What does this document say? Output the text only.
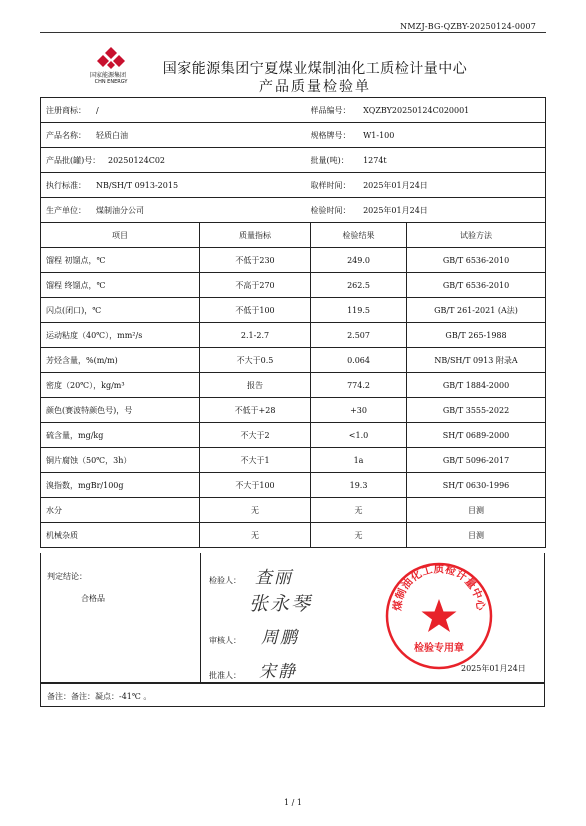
NMZJ-BG-QZBY-20250124-0007
国家能源集团
CHN ENERGY
国家能源集团宁夏煤业煤制油化工质检计量中心
产品质量检验单
注册商标： /		样品编号： XQZBY20250124C020001	
产品名称： 轻质白油		规格牌号： W1-100	
产品批(罐)号： 20250124C02		批量(吨)： 1274t	
执行标准： NB/SH/T 0913-2015		取样时间： 2025年01月24日	
生产单位： 煤制油分公司		检验时间： 2025年01月24日	
项目	质量指标	检验结果	试验方法
馏程 初馏点，℃	不低于230	249.0	GB/T 6536-2010
馏程 终馏点，℃	不高于270	262.5	GB/T 6536-2010
闪点(闭口)，℃	不低于100	119.5	GB/T 261-2021 (A法)
运动粘度（40℃），mm²/s	2.1-2.7	2.507	GB/T 265-1988
芳烃含量，%(m/m)	不大于0.5	0.064	NB/SH/T 0913 附录A
密度（20℃），kg/m³	报告	774.2	GB/T 1884-2000
颜色(赛波特颜色号)，号	不低于+28	+30	GB/T 3555-2022
硫含量，mg/kg	不大于2	<1.0	SH/T 0689-2000
铜片腐蚀（50℃，3h）	不大于1	1a	GB/T 5096-2017
溴指数，mgBr/100g	不大于100	19.3	SH/T 0630-1996
水分	无	无	目测
机械杂质	无	无	目测
判定结论：
合格品
检验人： 査丽
张永琴
审核人： 周鹏
批准人： 宋静
煤制油化工质检计量中心
检验专用章
2025年01月24日
备注：备注：凝点：-41℃ 。
1 / 1
